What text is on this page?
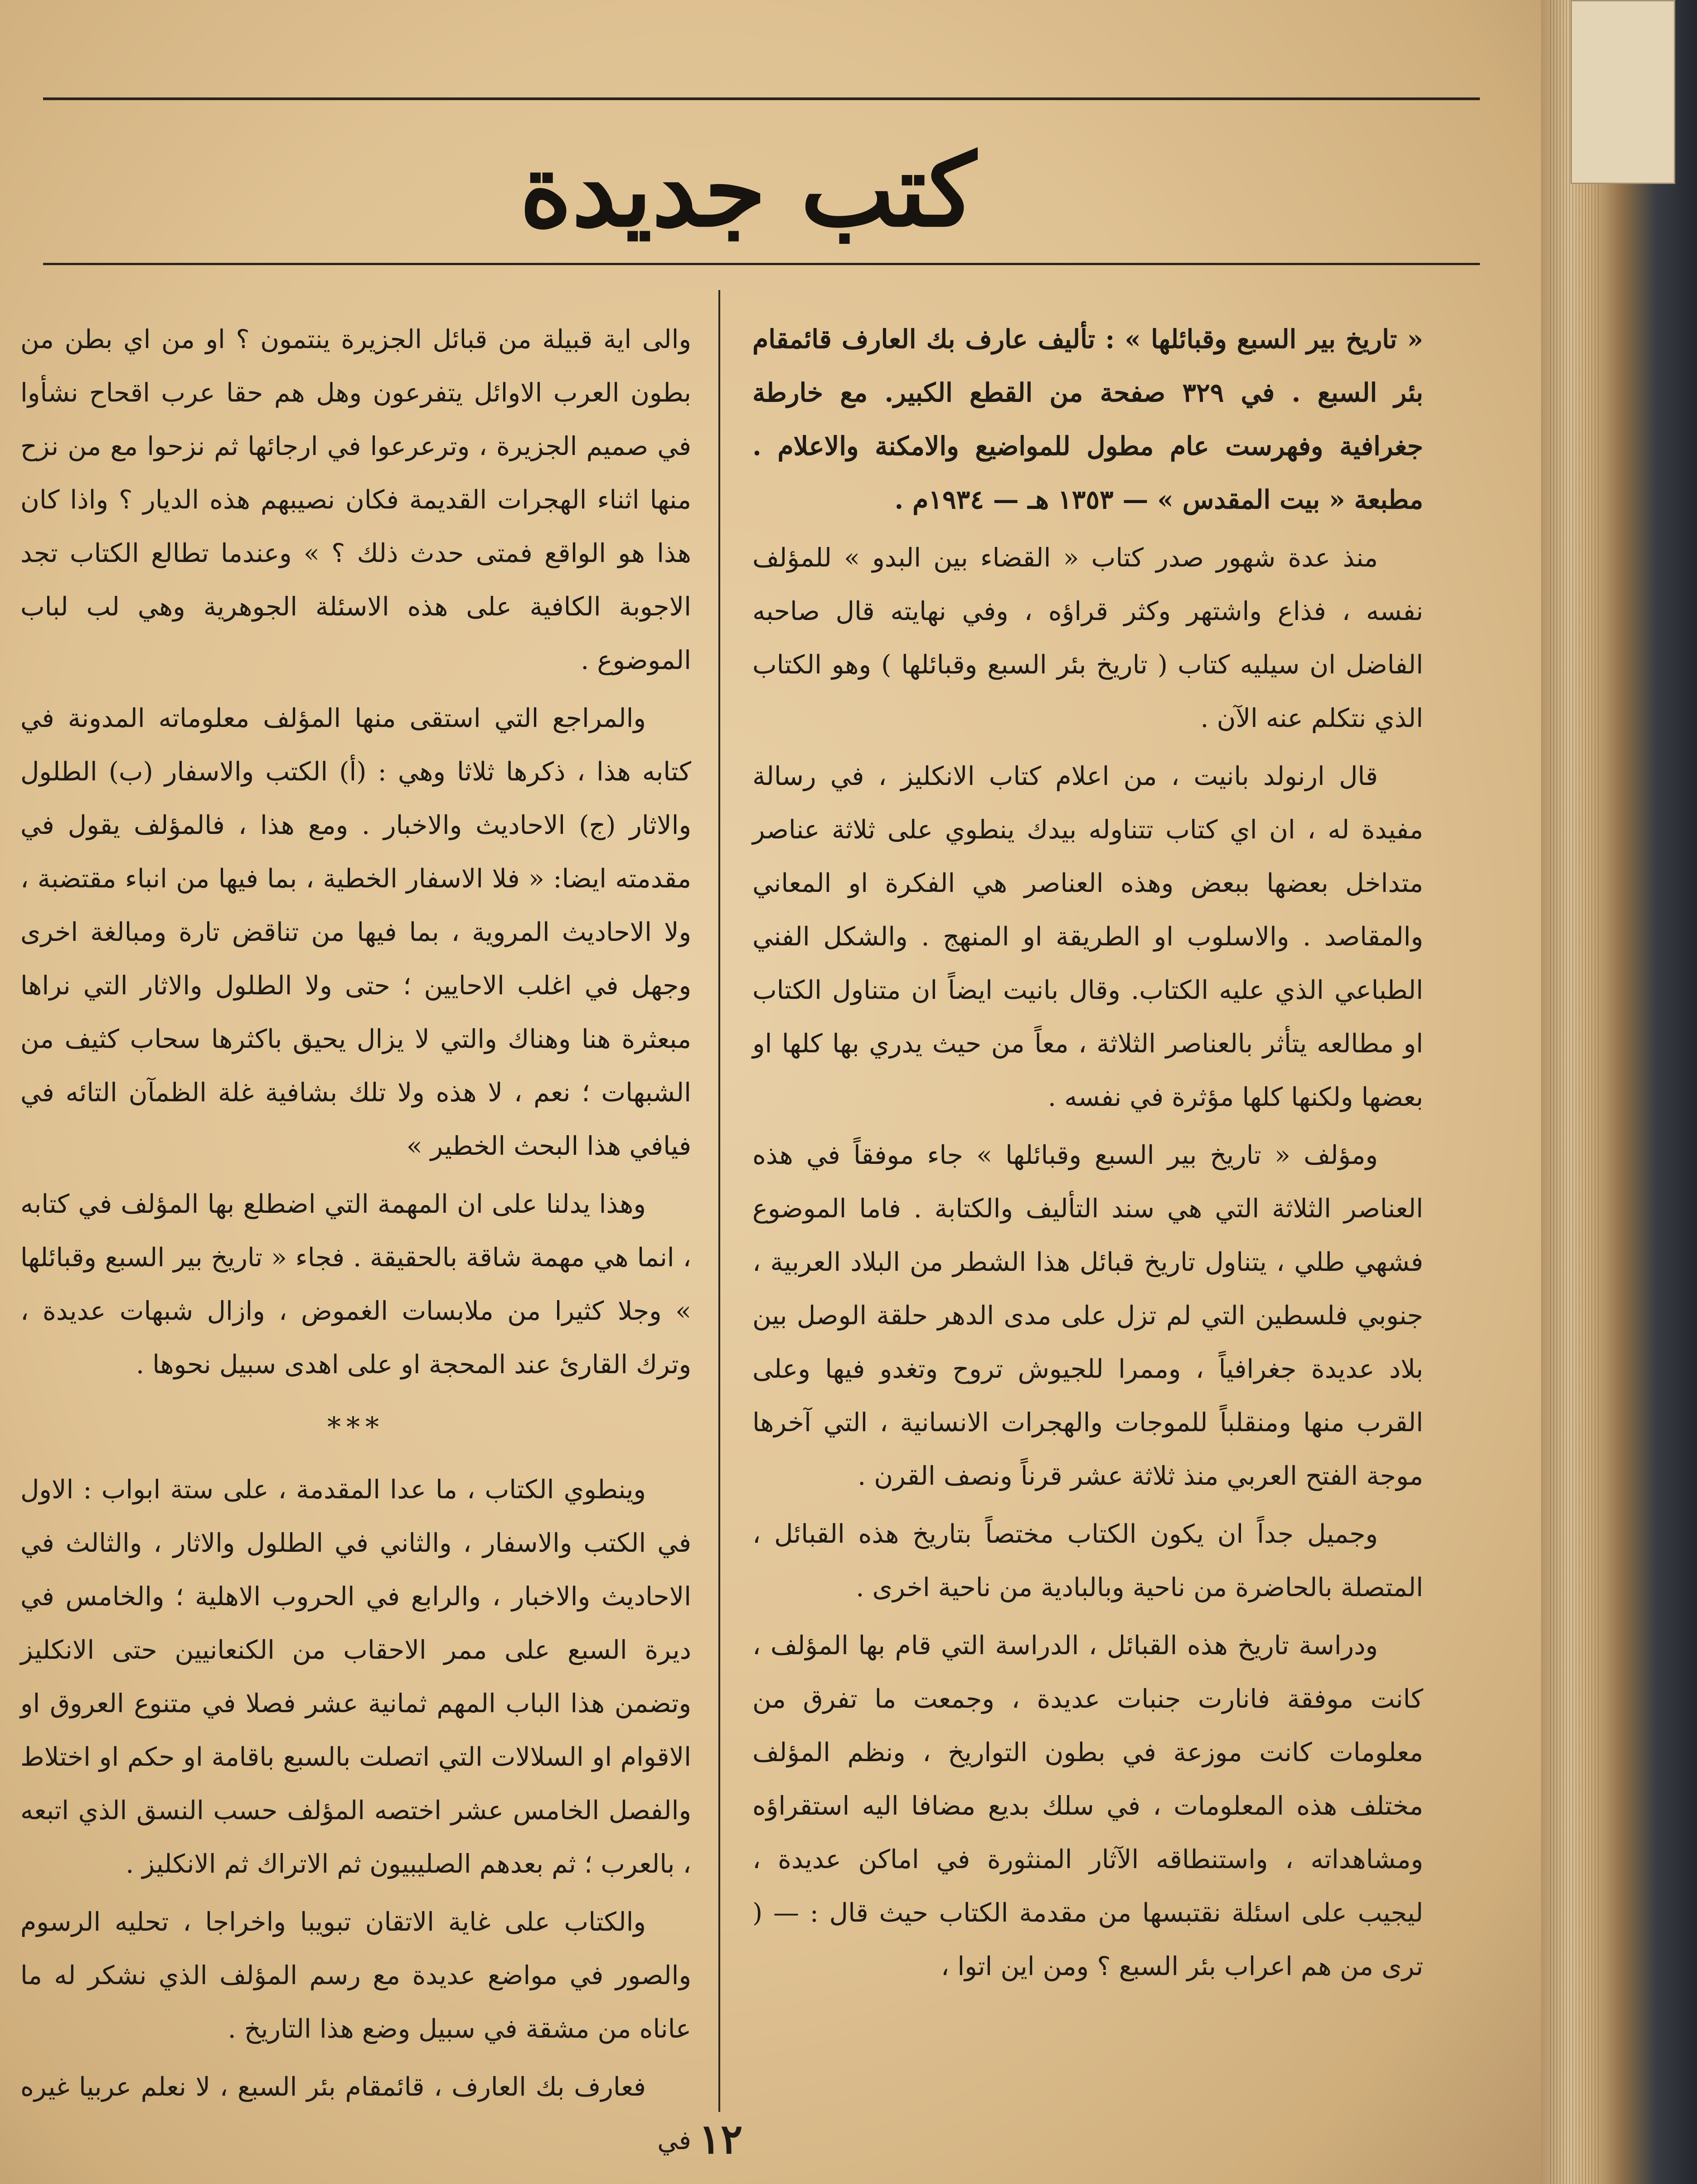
كتب جديدة

« تاريخ بير السبع وقبائلها » : تأليف عارف بك العارف قائمقام بئر السبع . في ٣٢٩ صفحة من القطع الكبير. مع خارطة جغرافية وفهرست عام مطول للمواضيع والامكنة والاعلام . مطبعة « بيت المقدس » — ١٣٥٣ هـ — ١٩٣٤م .

منذ عدة شهور صدر كتاب « القضاء بين البدو » للمؤلف نفسه ، فذاع واشتهر وكثر قراؤه ، وفي نهايته قال صاحبه الفاضل ان سيليه كتاب ( تاريخ بئر السبع وقبائلها ) وهو الكتاب الذي نتكلم عنه الآن .

قال ارنولد بانيت ، من اعلام كتاب الانكليز ، في رسالة مفيدة له ، ان اي كتاب تتناوله بيدك ينطوي على ثلاثة عناصر متداخل بعضها ببعض وهذه العناصر هي الفكرة او المعاني والمقاصد . والاسلوب او الطريقة او المنهج . والشكل الفني الطباعي الذي عليه الكتاب. وقال بانيت ايضاً ان متناول الكتاب او مطالعه يتأثر بالعناصر الثلاثة ، معاً من حيث يدري بها كلها او بعضها ولكنها كلها مؤثرة في نفسه .

ومؤلف « تاريخ بير السبع وقبائلها » جاء موفقاً في هذه العناصر الثلاثة التي هي سند التأليف والكتابة . فاما الموضوع فشهي طلي ، يتناول تاريخ قبائل هذا الشطر من البلاد العربية ، جنوبي فلسطين التي لم تزل على مدى الدهر حلقة الوصل بين بلاد عديدة جغرافياً ، وممرا للجيوش تروح وتغدو فيها وعلى القرب منها ومنقلباً للموجات والهجرات الانسانية ، التي آخرها موجة الفتح العربي منذ ثلاثة عشر قرناً ونصف القرن .

وجميل جداً ان يكون الكتاب مختصاً بتاريخ هذه القبائل ، المتصلة بالحاضرة من ناحية وبالبادية من ناحية اخرى .

ودراسة تاريخ هذه القبائل ، الدراسة التي قام بها المؤلف ، كانت موفقة فانارت جنبات عديدة ، وجمعت ما تفرق من معلومات كانت موزعة في بطون التواريخ ، ونظم المؤلف مختلف هذه المعلومات ، في سلك بديع مضافا اليه استقراؤه ومشاهداته ، واستنطاقه الآثار المنثورة في اماكن عديدة ، ليجيب على اسئلة نقتبسها من مقدمة الكتاب حيث قال : — ( ترى من هم اعراب بئر السبع ؟ ومن اين اتوا ،

والى اية قبيلة من قبائل الجزيرة ينتمون ؟ او من اي بطن من بطون العرب الاوائل يتفرعون وهل هم حقا عرب اقحاح نشأوا في صميم الجزيرة ، وترعرعوا في ارجائها ثم نزحوا مع من نزح منها اثناء الهجرات القديمة فكان نصيبهم هذه الديار ؟ واذا كان هذا هو الواقع فمتى حدث ذلك ؟ » وعندما تطالع الكتاب تجد الاجوبة الكافية على هذه الاسئلة الجوهرية وهي لب لباب الموضوع .

والمراجع التي استقى منها المؤلف معلوماته المدونة في كتابه هذا ، ذكرها ثلاثا وهي : (أ) الكتب والاسفار (ب) الطلول والاثار (ج) الاحاديث والاخبار . ومع هذا ، فالمؤلف يقول في مقدمته ايضا: « فلا الاسفار الخطية ، بما فيها من انباء مقتضبة ، ولا الاحاديث المروية ، بما فيها من تناقض تارة ومبالغة اخرى وجهل في اغلب الاحايين ؛ حتى ولا الطلول والاثار التي نراها مبعثرة هنا وهناك والتي لا يزال يحيق باكثرها سحاب كثيف من الشبهات ؛ نعم ، لا هذه ولا تلك بشافية غلة الظمآن التائه في فيافي هذا البحث الخطير »

وهذا يدلنا على ان المهمة التي اضطلع بها المؤلف في كتابه ، انما هي مهمة شاقة بالحقيقة . فجاء « تاريخ بير السبع وقبائلها » وجلا كثيرا من ملابسات الغموض ، وازال شبهات عديدة ، وترك القارئ عند المحجة او على اهدى سبيل نحوها .

***

وينطوي الكتاب ، ما عدا المقدمة ، على ستة ابواب : الاول في الكتب والاسفار ، والثاني في الطلول والاثار ، والثالث في الاحاديث والاخبار ، والرابع في الحروب الاهلية ؛ والخامس في ديرة السبع على ممر الاحقاب من الكنعانيين حتى الانكليز وتضمن هذا الباب المهم ثمانية عشر فصلا في متنوع العروق او الاقوام او السلالات التي اتصلت بالسبع باقامة او حكم او اختلاط والفصل الخامس عشر اختصه المؤلف حسب النسق الذي اتبعه ، بالعرب ؛ ثم بعدهم الصليبيون ثم الاتراك ثم الانكليز .

والكتاب على غاية الاتقان تبويبا واخراجا ، تحليه الرسوم والصور في مواضع عديدة مع رسم المؤلف الذي نشكر له ما عاناه من مشقة في سبيل وضع هذا التاريخ .

فعارف بك العارف ، قائمقام بئر السبع ، لا نعلم عربيا غيره في ١٢
